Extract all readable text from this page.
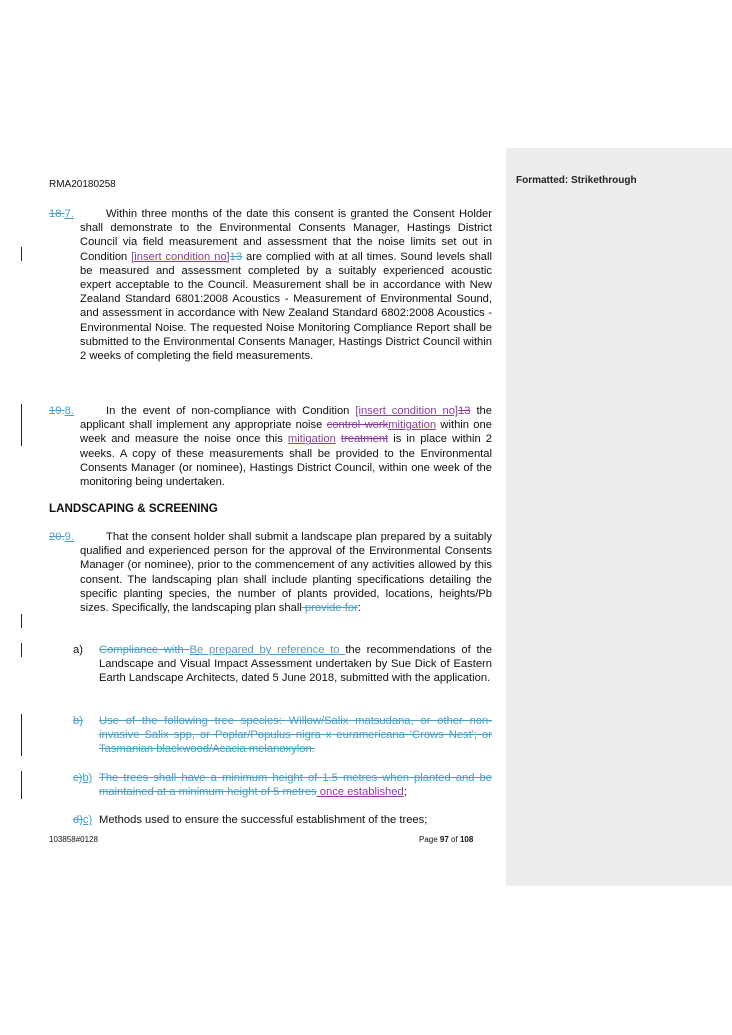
Formatted: Strikethrough
RMA20180258
18.7.	Within three months of the date this consent is granted the Consent Holder shall demonstrate to the Environmental Consents Manager, Hastings District Council via field measurement and assessment that the noise limits set out in Condition [insert condition no]13 are complied with at all times. Sound levels shall be measured and assessment completed by a suitably experienced acoustic expert acceptable to the Council. Measurement shall be in accordance with New Zealand Standard 6801:2008 Acoustics - Measurement of Environmental Sound, and assessment in accordance with New Zealand Standard 6802:2008 Acoustics - Environmental Noise. The requested Noise Monitoring Compliance Report shall be submitted to the Environmental Consents Manager, Hastings District Council within 2 weeks of completing the field measurements.
19.8.	In the event of non-compliance with Condition [insert condition no]13 the applicant shall implement any appropriate noise control workmitigation within one week and measure the noise once this mitigation treatment is in place within 2 weeks. A copy of these measurements shall be provided to the Environmental Consents Manager (or nominee), Hastings District Council, within one week of the monitoring being undertaken.
LANDSCAPING & SCREENING
20.9.	That the consent holder shall submit a landscape plan prepared by a suitably qualified and experienced person for the approval of the Environmental Consents Manager (or nominee), prior to the commencement of any activities allowed by this consent. The landscaping plan shall include planting specifications detailing the specific planting species, the number of plants provided, locations, heights/Pb sizes. Specifically, the landscaping plan shall provide for:
a) Compliance with Be prepared by reference to the recommendations of the Landscape and Visual Impact Assessment undertaken by Sue Dick of Eastern Earth Landscape Architects, dated 5 June 2018, submitted with the application.
b) Use of the following tree species: Willow/Salix matsudana, or other non-invasive Salix spp, or Poplar/Populus nigra x euramericana 'Crows Nest'; or Tasmanian blackwood/Acacia melanoxylon.
c)b) The trees shall have a minimum height of 1.5 metres when planted and be maintained at a minimum height of 5 metres once established;
d)c) Methods used to ensure the successful establishment of the trees;
103858#0128	Page 97 of 108
